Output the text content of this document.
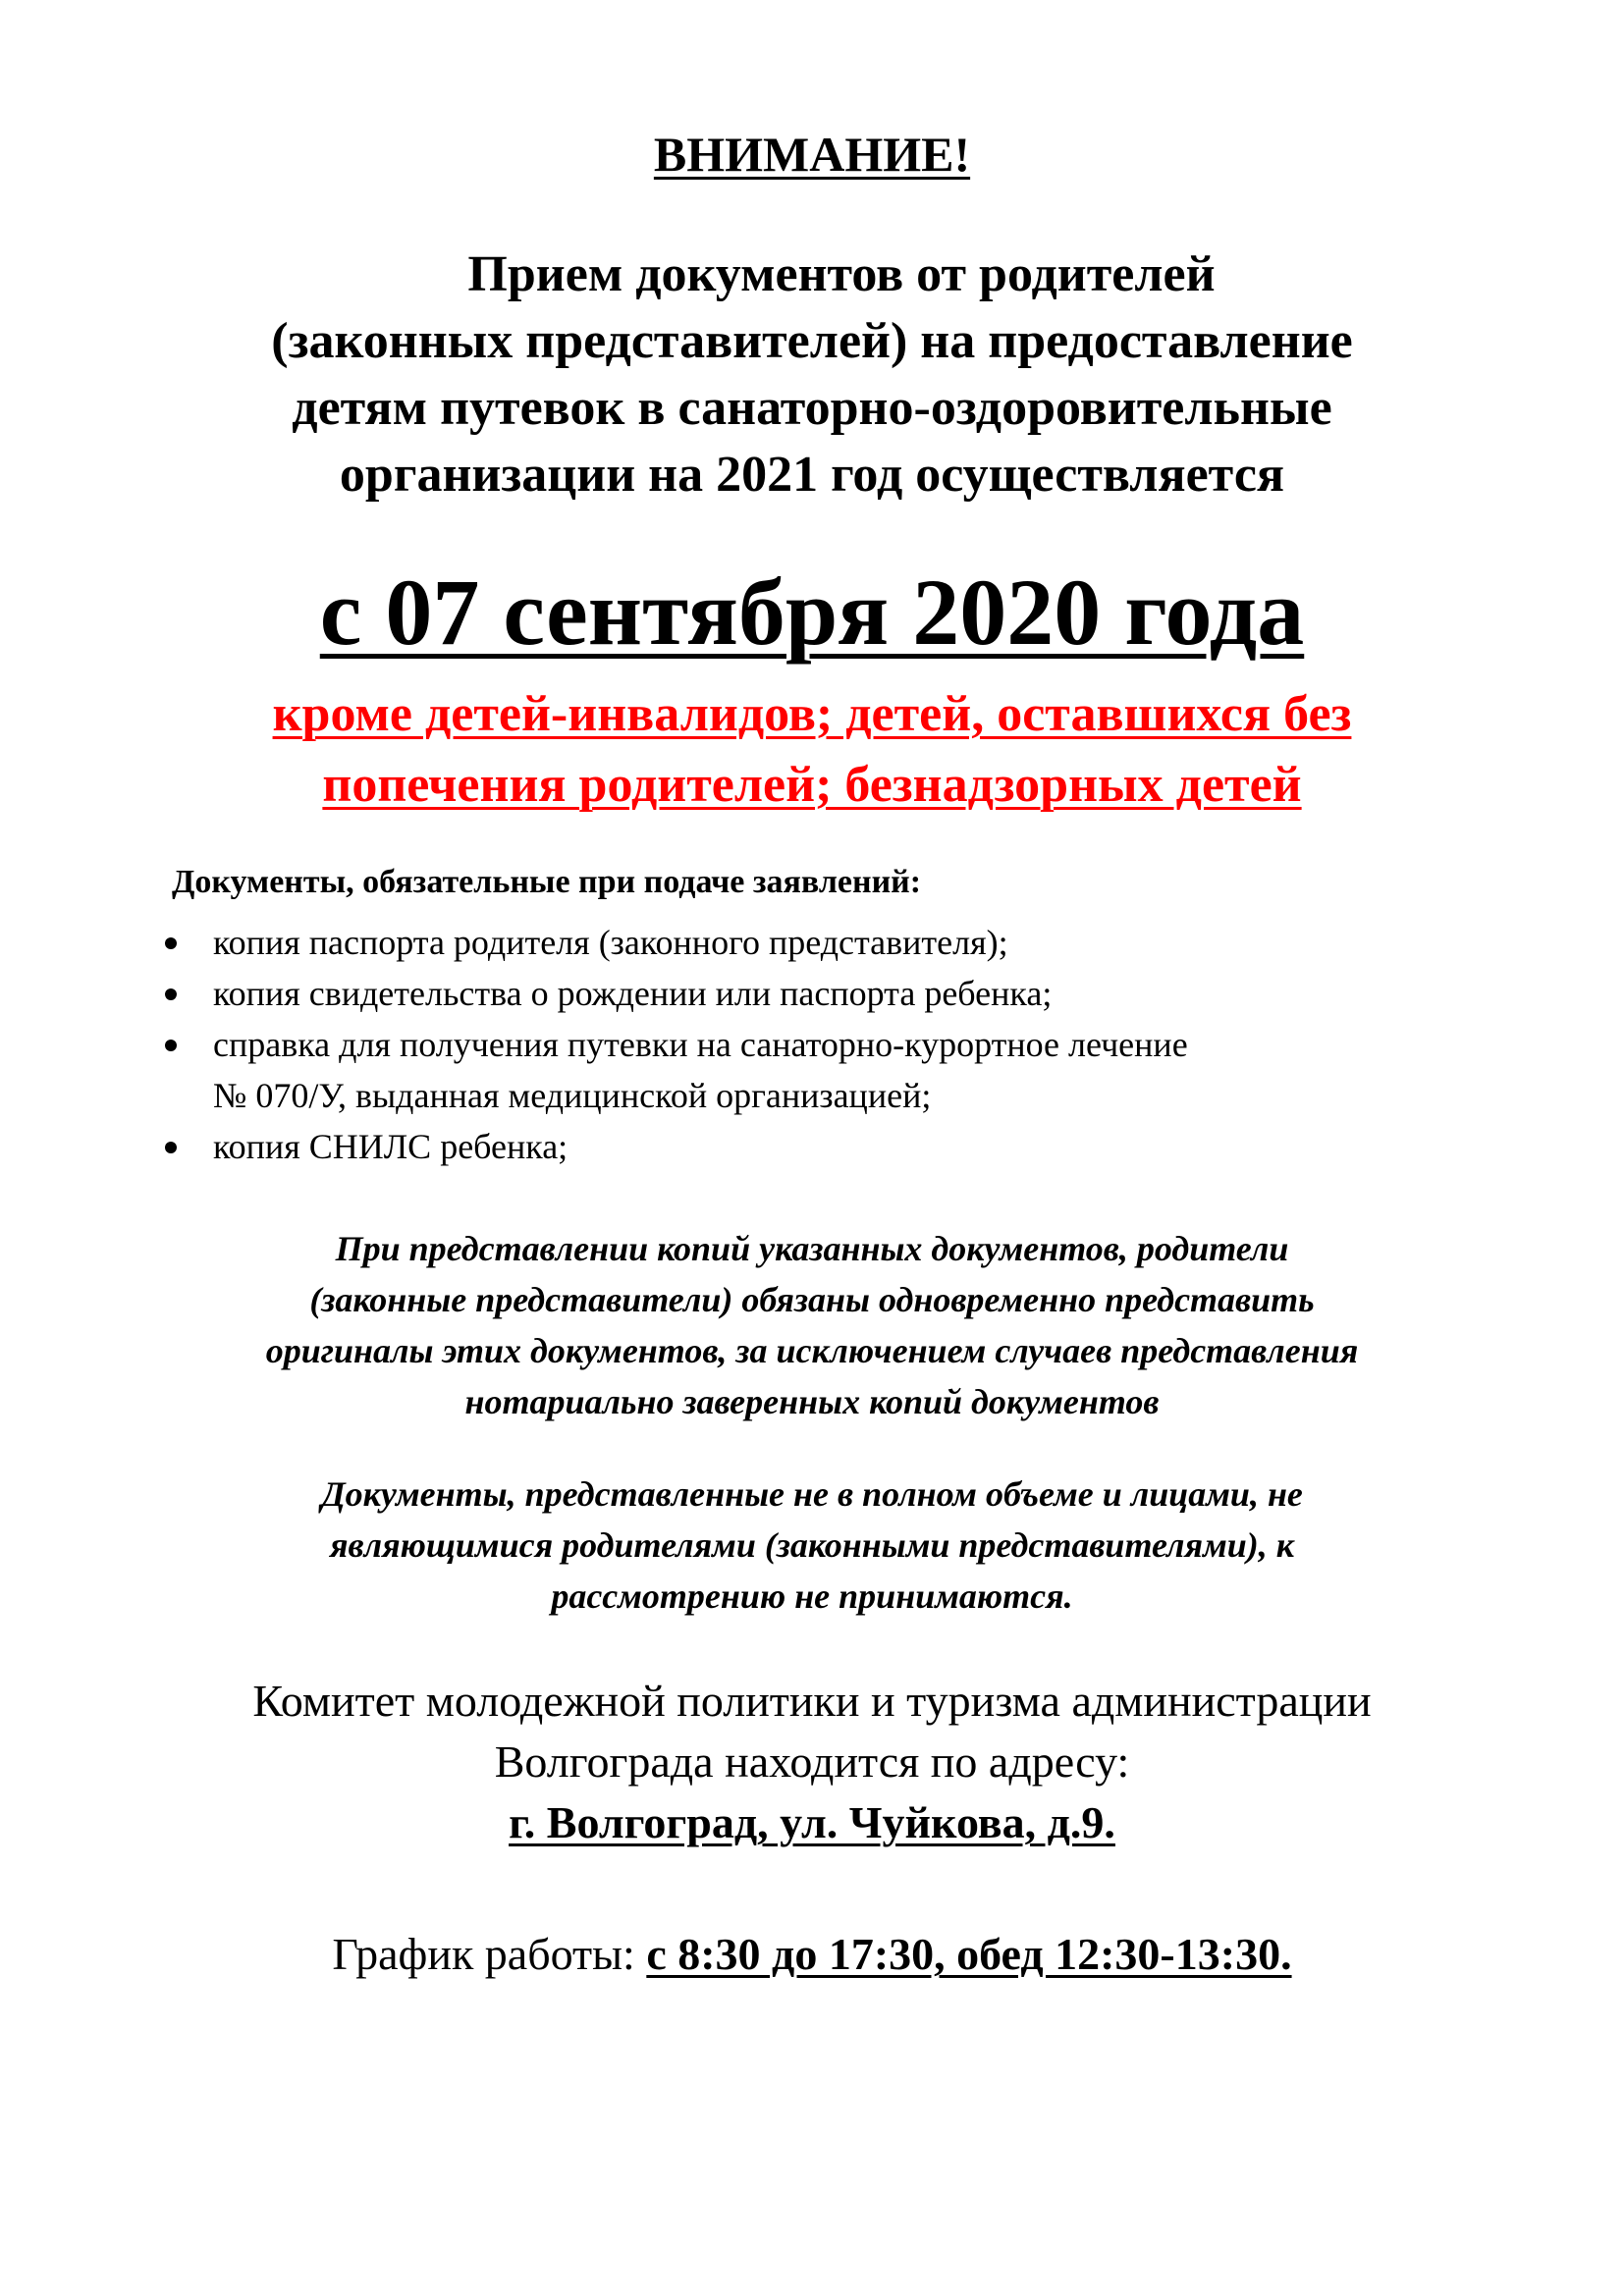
ВНИМАНИЕ!
Прием документов от родителей
(законных представителей) на предоставление
детям путевок в санаторно-оздоровительные
организации на 2021 год осуществляется
с 07 сентября 2020 года
кроме детей-инвалидов; детей, оставшихся без
попечения родителей; безнадзорных детей
Документы, обязательные при подаче заявлений:
копия паспорта родителя (законного представителя);
копия свидетельства о рождении или паспорта ребенка;
справка для получения путевки на санаторно-курортное лечение
№ 070/У, выданная медицинской организацией;
копия СНИЛС ребенка;
При представлении копий указанных документов, родители
(законные представители) обязаны одновременно представить
оригиналы этих документов, за исключением случаев представления
нотариально заверенных копий документов
Документы, представленные не в полном объеме и лицами, не
являющимися родителями (законными представителями), к
рассмотрению не принимаются.
Комитет молодежной политики и туризма администрации
Волгограда находится по адресу:
г. Волгоград, ул. Чуйкова, д.9.
График работы: с 8:30 до 17:30, обед 12:30-13:30.
